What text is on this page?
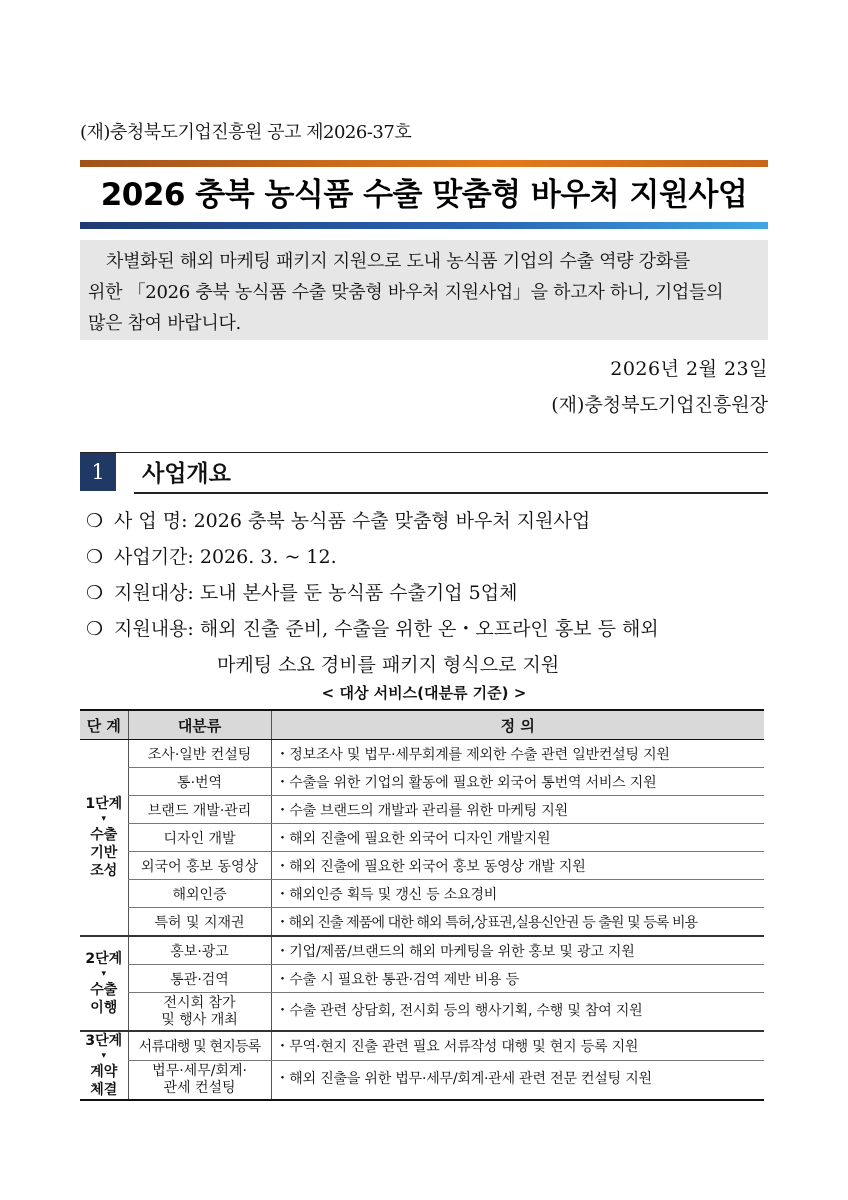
(재)충청북도기업진흥원 공고 제2026-37호
2026 충북 농식품 수출 맞춤형 바우처 지원사업

차별화된 해외 마케팅 패키지 지원으로 도내 농식품 기업의 수출 역량 강화를

위한 「2026 충북 농식품 수출 맞춤형 바우처 지원사업」을 하고자 하니, 기업들의
많은 참여 바랍니다.
2026년 2월 23일
(재)충청북도기업진흥원장
1	사업개요
❍ 사 업 명: 2026 충북 농식품 수출 맞춤형 바우처 지원사업
❍ 사업기간: 2026. 3. ~ 12.
❍ 지원대상: 도내 본사를 둔 농식품 수출기업 5업체
❍ 지원내용: 해외 진출 준비, 수출을 위한 온・오프라인 홍보 등 해외
마케팅 소요 경비를 패키지 형식으로 지원
< 대상 서비스(대분류 기준) >
단 계	대분류	정 의
1단계
▾
수출
기반
조성	조사·일반 컨설팅	・정보조사 및 법무·세무회계를 제외한 수출 관련 일반컨설팅 지원
	통·번역	・수출을 위한 기업의 활동에 필요한 외국어 통번역 서비스 지원
	브랜드 개발·관리	・수출 브랜드의 개발과 관리를 위한 마케팅 지원
	디자인 개발	・해외 진출에 필요한 외국어 디자인 개발지원
	외국어 홍보 동영상	・해외 진출에 필요한 외국어 홍보 동영상 개발 지원
	해외인증	・해외인증 획득 및 갱신 등 소요경비
	특허 및 지재권	・해외 진출 제품에 대한 해외 특허,상표권,실용신안권 등 출원 및 등록 비용
2단계
▾
수출
이행	홍보·광고	・기업/제품/브랜드의 해외 마케팅을 위한 홍보 및 광고 지원
	통관·검역	・수출 시 필요한 통관·검역 제반 비용 등
	전시회 참가
및 행사 개최	・수출 관련 상담회, 전시회 등의 행사기획, 수행 및 참여 지원
3단계
▾
계약
체결	서류대행 및 현지등록	・무역·현지 진출 관련 필요 서류작성 대행 및 현지 등록 지원
	법무·세무/회계·
관세 컨설팅	・해외 진출을 위한 법무·세무/회계·관세 관련 전문 컨설팅 지원
